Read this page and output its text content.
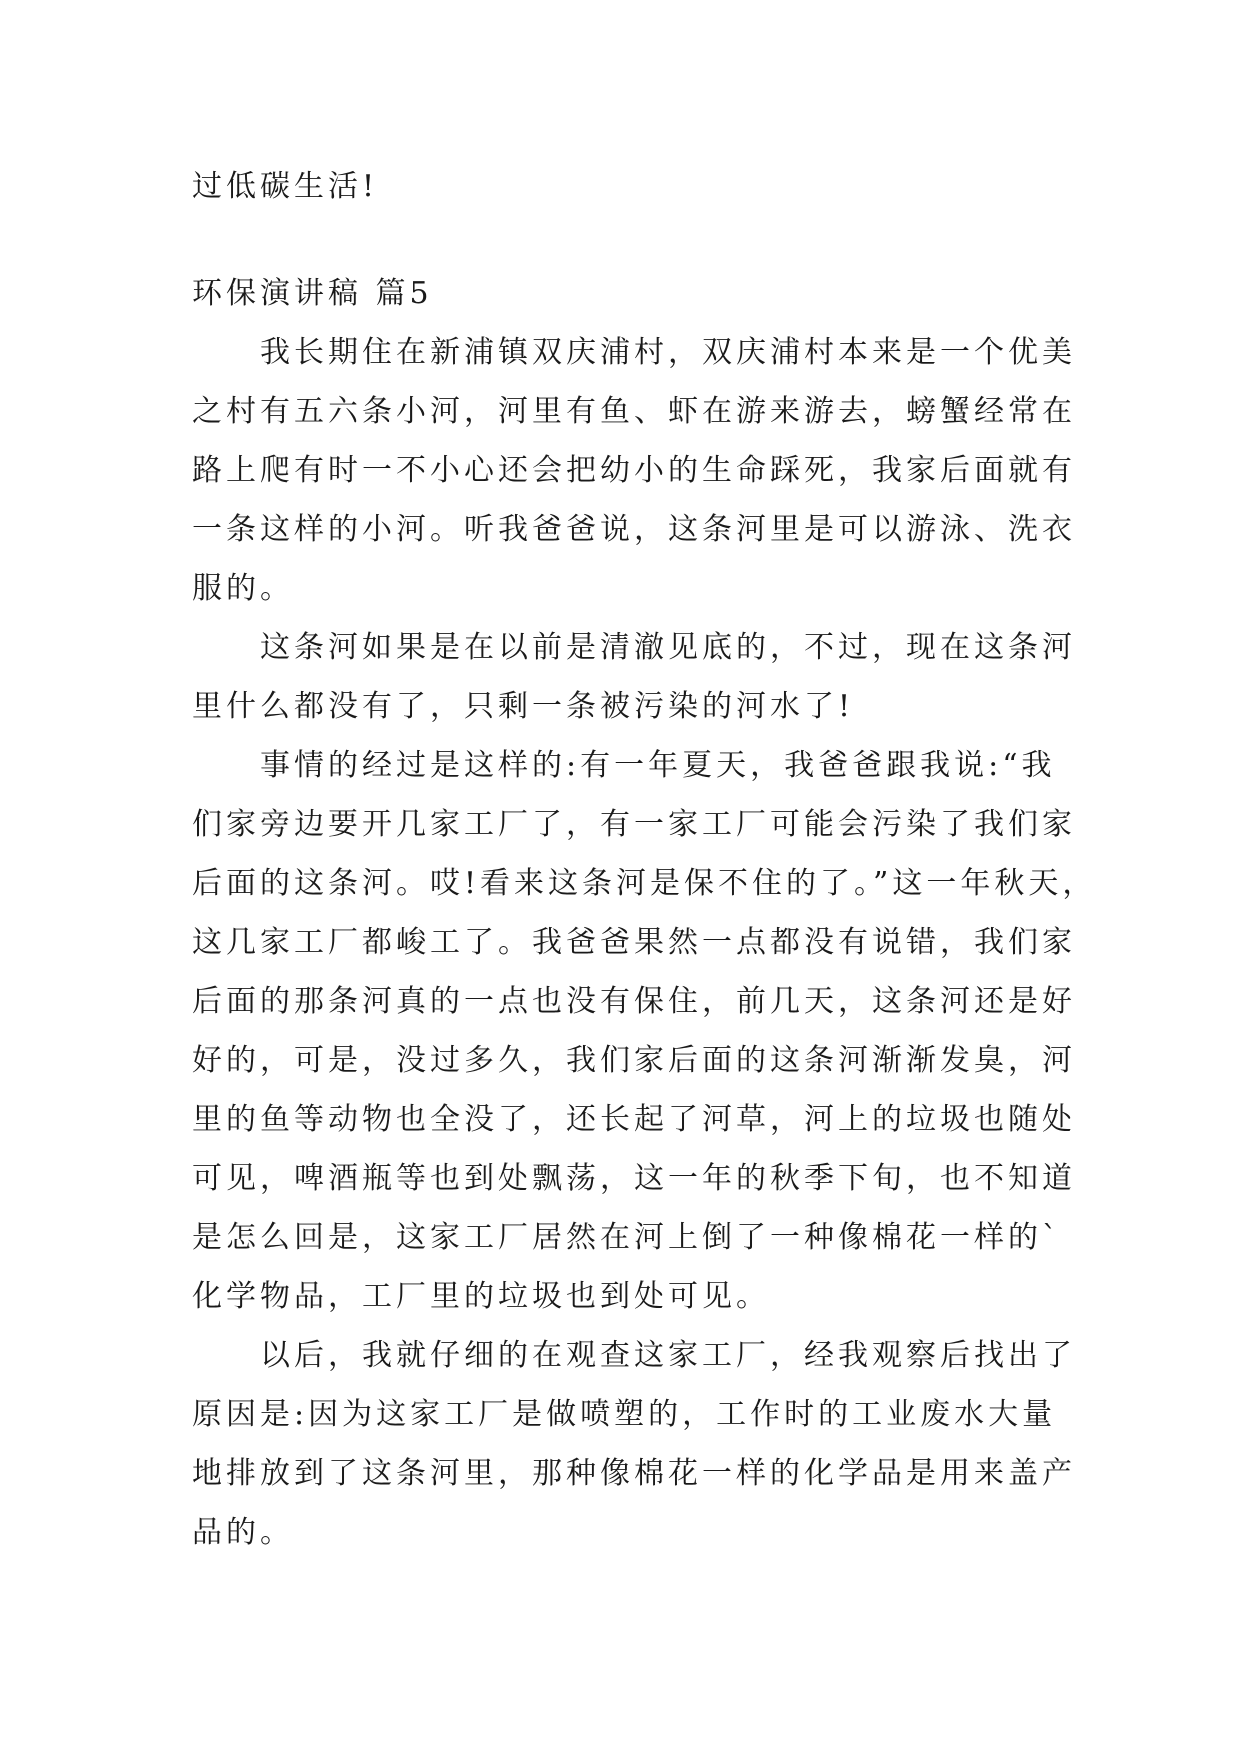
过低碳生活!

环保演讲稿 篇5

我长期住在新浦镇双庆浦村，双庆浦村本来是一个优美

之村有五六条小河，河里有鱼、虾在游来游去，螃蟹经常在

路上爬有时一不小心还会把幼小的生命踩死，我家后面就有

一条这样的小河。听我爸爸说，这条河里是可以游泳、洗衣

服的。

这条河如果是在以前是清澈见底的，不过，现在这条河

里什么都没有了，只剩一条被污染的河水了!

事情的经过是这样的:有一年夏天，我爸爸跟我说:“我

们家旁边要开几家工厂了，有一家工厂可能会污染了我们家

后面的这条河。哎!看来这条河是保不住的了。”这一年秋天，

这几家工厂都峻工了。我爸爸果然一点都没有说错，我们家

后面的那条河真的一点也没有保住，前几天，这条河还是好

好的，可是，没过多久，我们家后面的这条河渐渐发臭，河

里的鱼等动物也全没了，还长起了河草，河上的垃圾也随处

可见，啤酒瓶等也到处飘荡，这一年的秋季下旬，也不知道

是怎么回是，这家工厂居然在河上倒了一种像棉花一样的`

化学物品，工厂里的垃圾也到处可见。

以后，我就仔细的在观查这家工厂，经我观察后找出了

原因是:因为这家工厂是做喷塑的，工作时的工业废水大量

地排放到了这条河里，那种像棉花一样的化学品是用来盖产

品的。
